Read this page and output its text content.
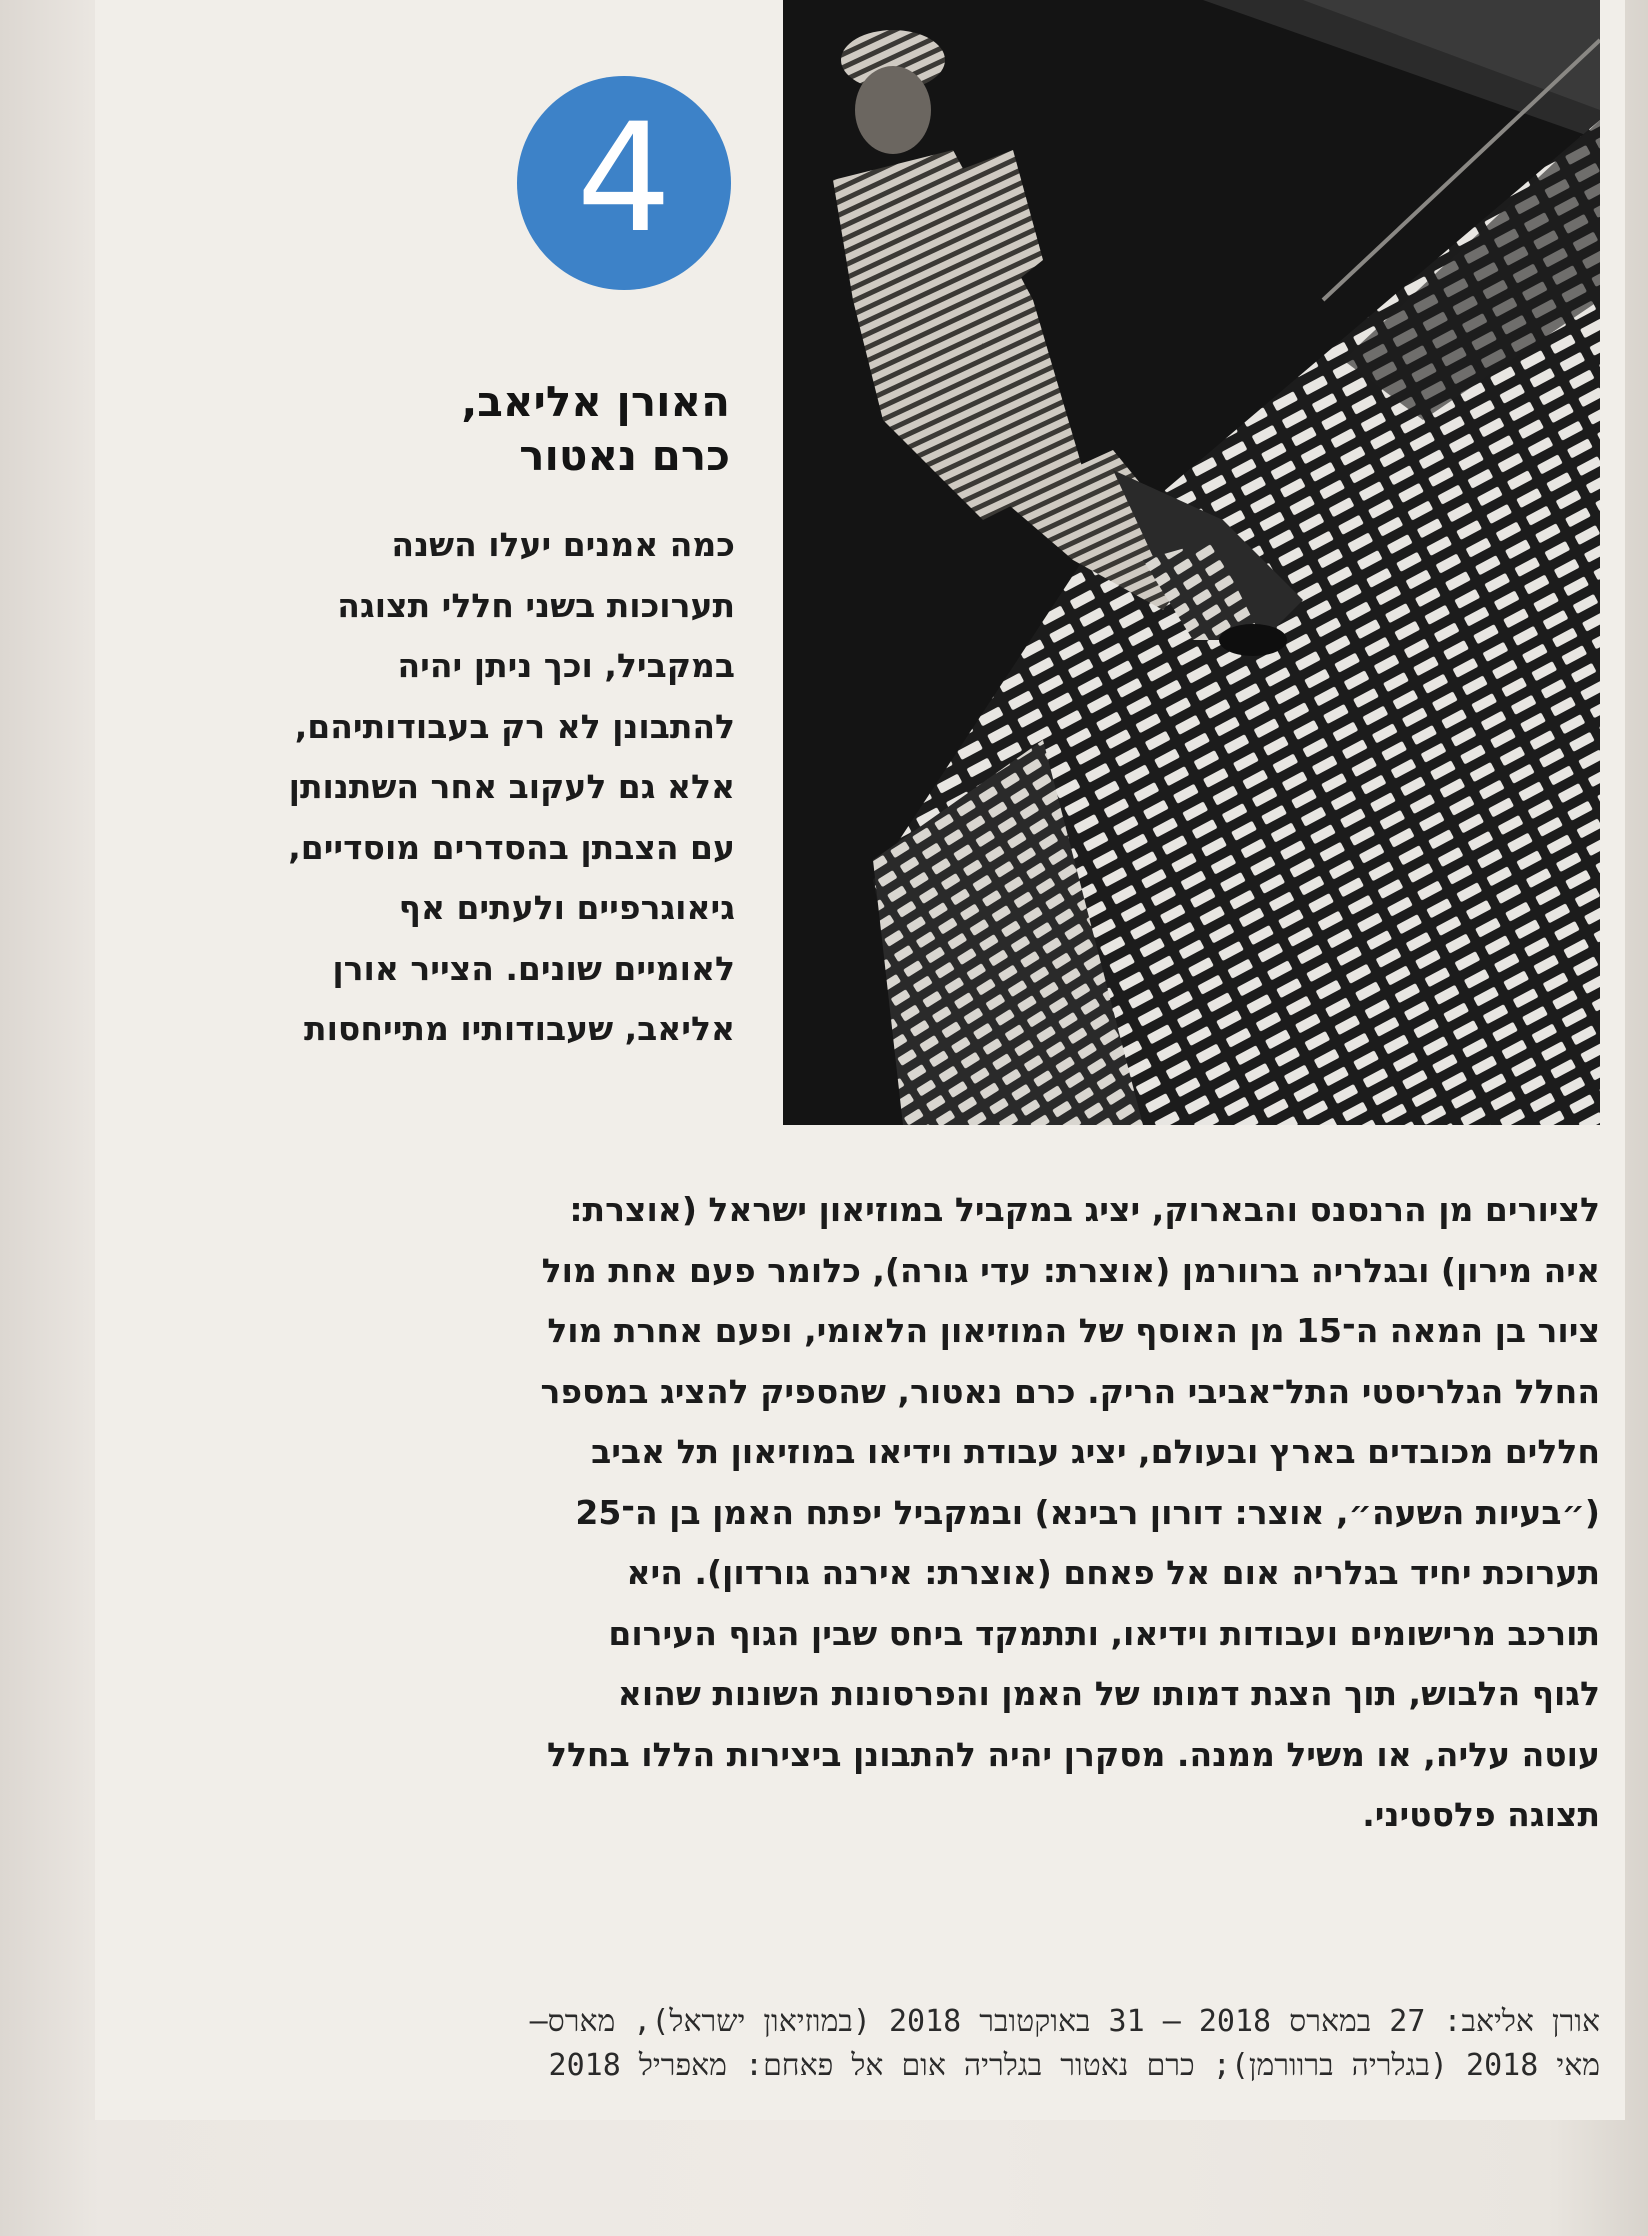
4
האורן אליאב,
כרם נאטור
כמה אמנים יעלו השנה
תערוכות בשני חללי תצוגה
במקביל, וכך ניתן יהיה
להתבונן לא רק בעבודותיהם,
אלא גם לעקוב אחר השתנותן
עם הצבתן בהסדרים מוסדיים,
גיאוגרפיים ולעתים אף
לאומיים שונים. הצייר אורן
אליאב, שעבודותיו מתייחסות
לציורים מן הרנסנס והבארוק, יציג במקביל במוזיאון ישראל (אוצרת:
איה מירון) ובגלריה ברוורמן (אוצרת: עדי גורה), כלומר פעם אחת מול
ציור בן המאה ה־15 מן האוסף של המוזיאון הלאומי, ופעם אחרת מול
החלל הגלריסטי התל־אביבי הריק. כרם נאטור, שהספיק להציג במספר
חללים מכובדים בארץ ובעולם, יציג עבודת וידיאו במוזיאון תל אביב
(״בעיות השעה״, אוצר: דורון רבינא) ובמקביל יפתח האמן בן ה־25
תערוכת יחיד בגלריה אום אל פאחם (אוצרת: אירנה גורדון). היא
תורכב מרישומים ועבודות וידיאו, ותתמקד ביחס שבין הגוף העירום
לגוף הלבוש, תוך הצגת דמותו של האמן והפרסונות השונות שהוא
עוטה עליה, או משיל ממנה. מסקרן יהיה להתבונן ביצירות הללו בחלל
תצוגה פלסטיני.
אורן אליאב: 27 במארס 2018 — 31 באוקטובר 2018 (במוזיאון ישראל), מארס—
מאי 2018 (בגלריה ברוורמן); כרם נאטור בגלריה אום אל פאחם: מאפריל 2018
